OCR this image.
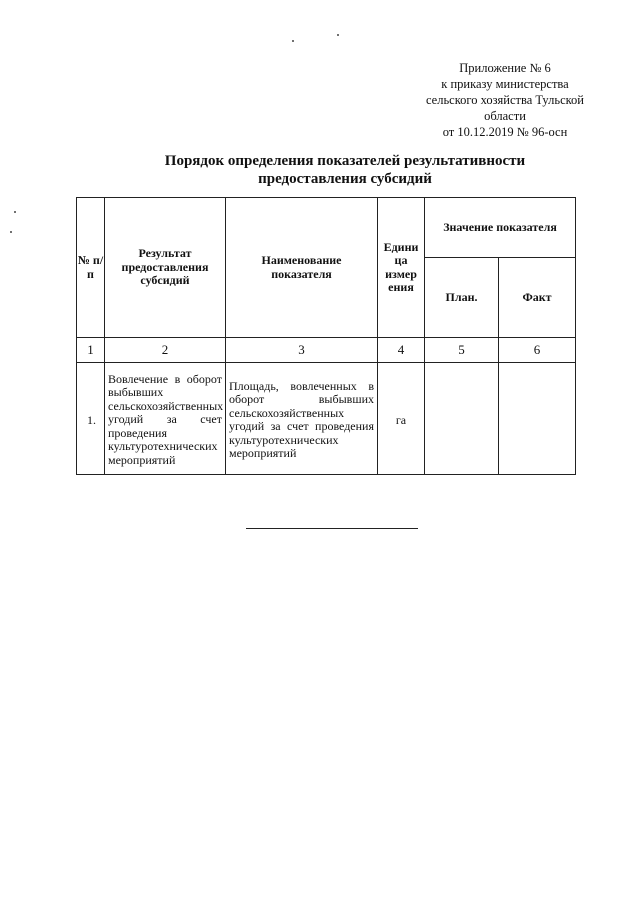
Приложение № 6
к приказу министерства
сельского хозяйства Тульской
области
от 10.12.2019 № 96-осн
Порядок определения показателей результативности
предоставления субсидий
№ п/п	Результат предоставления субсидий	Наименование показателя	Едини ца измер ения	Значение показателя	
				План.	Факт
1	2	3	4	5	6

1.	Вовлечение в оборот выбывших сельскохозяйственных угодий за счет проведения культуротехнических мероприятий	Площадь, вовлеченных в оборот выбывших сельскохозяйственных угодий за счет проведения культуротехнических мероприятий	га		
